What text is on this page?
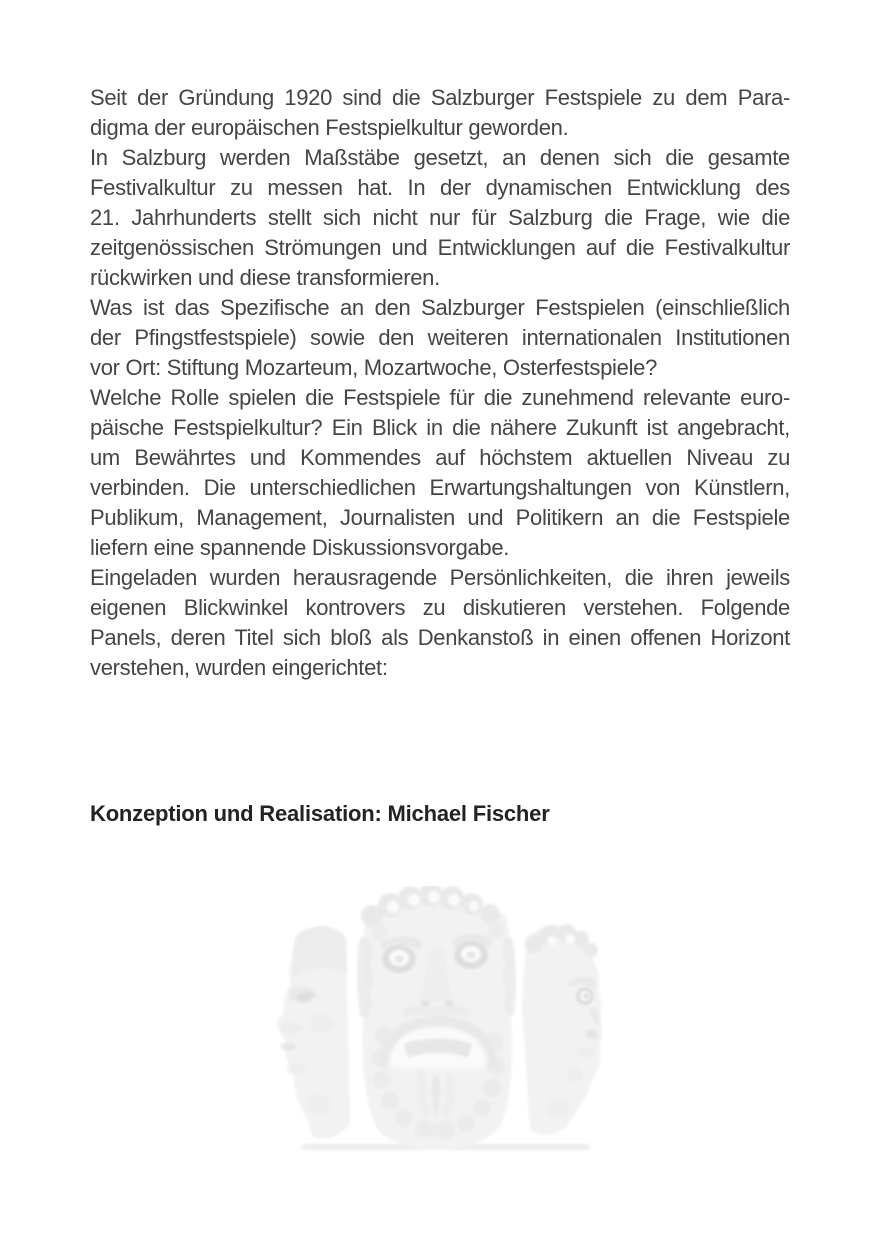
Seit der Gründung 1920 sind die Salzburger Festspiele zu dem Para-
digma der europäischen Festspielkultur geworden.
In Salzburg werden Maßstäbe gesetzt, an denen sich die gesamte
Festivalkultur zu messen hat. In der dynamischen Entwicklung des
21. Jahrhunderts stellt sich nicht nur für Salzburg die Frage, wie die
zeitgenössischen Strömungen und Entwicklungen auf die Festivalkultur
rückwirken und diese transformieren.
Was ist das Spezifische an den Salzburger Festspielen (einschließlich
der Pfingstfestspiele) sowie den weiteren internationalen Institutionen
vor Ort: Stiftung Mozarteum, Mozartwoche, Osterfestspiele?
Welche Rolle spielen die Festspiele für die zunehmend relevante euro-
päische Festspielkultur? Ein Blick in die nähere Zukunft ist angebracht,
um Bewährtes und Kommendes auf höchstem aktuellen Niveau zu
verbinden. Die unterschiedlichen Erwartungshaltungen von Künstlern,
Publikum, Management, Journalisten und Politikern an die Festspiele
liefern eine spannende Diskussionsvorgabe.
Eingeladen wurden herausragende Persönlichkeiten, die ihren jeweils
eigenen Blickwinkel kontrovers zu diskutieren verstehen. Folgende
Panels, deren Titel sich bloß als Denkanstoß in einen offenen Horizont
verstehen, wurden eingerichtet:
Konzeption und Realisation: Michael Fischer
